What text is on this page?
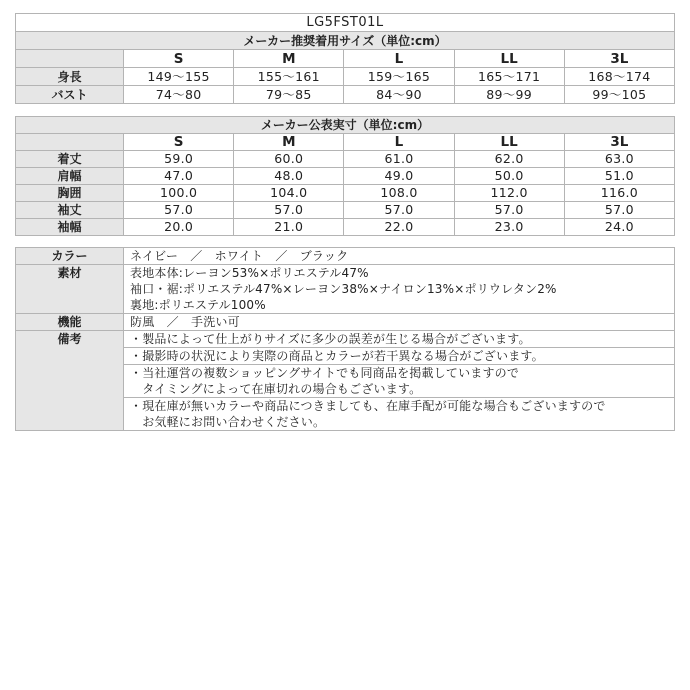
LG5FST01L					
メーカー推奨着用サイズ（単位:cm）					
	S	M	L	LL	3L
身長	149～155	155～161	159～165	165～171	168～174
バスト	74～80	79～85	84～90	89～99	99～105
メーカー公表実寸（単位:cm）					
	S	M	L	LL	3L
着丈	59.0	60.0	61.0	62.0	63.0
肩幅	47.0	48.0	49.0	50.0	51.0
胸囲	100.0	104.0	108.0	112.0	116.0
袖丈	57.0	57.0	57.0	57.0	57.0
袖幅	20.0	21.0	22.0	23.0	24.0
カラー	ネイビー　／　ホワイト　／　ブラック
素材	表地本体:レーヨン53%×ポリエステル47%
袖口・裾:ポリエステル47%×レーヨン38%×ナイロン13%×ポリウレタン2%
裏地:ポリエステル100%

機能	防風　／　手洗い可
備考	・製品によって仕上がりサイズに多少の誤差が生じる場合がございます。

	・撮影時の状況により実際の商品とカラーが若干異なる場合がございます。

	・当社運営の複数ショッピングサイトでも同商品を掲載していますので
　タイミングによって在庫切れの場合もございます。

	・現在庫が無いカラーや商品につきましても、在庫手配が可能な場合もございますので
　お気軽にお問い合わせください。
